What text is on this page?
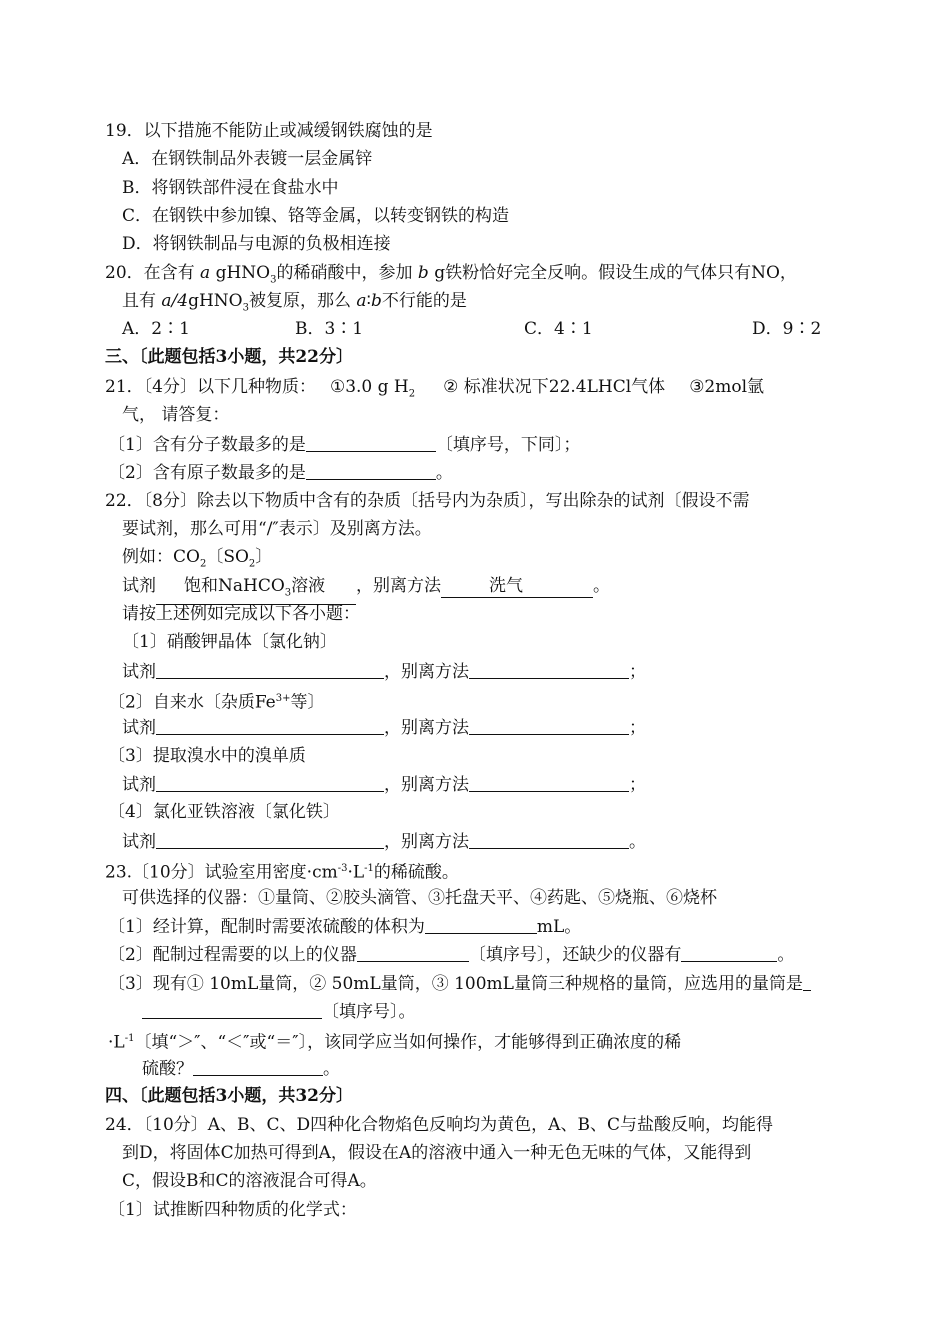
19．以下措施不能防止或减缓钢铁腐蚀的是
A．在钢铁制品外表镀一层金属锌
B．将钢铁部件浸在食盐水中
C．在钢铁中参加镍、铬等金属，以转变钢铁的构造
D．将钢铁制品与电源的负极相连接
20．在含有 a gHNO$_3$的稀硝酸中，参加 b g铁粉恰好完全反响。假设生成的气体只有NO，
且有 a/4gHNO$_3$被复原，那么 a∶b不行能的是
A．2∶1	B．3∶1	C．4∶1	D．9∶2
三、〔此题包括3小题，共22分〕
21．〔4分〕以下几种物质： ①3.0 g $H_2$ ② 标准状况下22.4LHCl气体 ③2mol氩
气， 请答复：
〔1〕含有分子数最多的是	〔填序号，下同〕；
〔2〕含有原子数最多的是	。
22．〔8分〕除去以下物质中含有的杂质〔括号内为杂质〕，写出除杂的试剂〔假设不需
要试剂，那么可用“/″表示〕及别离方法。
例如：$CO_2$〔$SO_2$〕
试剂 饱和NaHCO$_3$溶液 ，别离方法	洗气	。
请按上述例如完成以下各小题：
〔1〕硝酸钾晶体〔氯化钠〕
试剂	，别离方法	；
〔2〕自来水〔杂质$Fe^{3+}$等〕
试剂	，别离方法	；
〔3〕提取溴水中的溴单质
试剂	，别离方法	；
〔4〕氯化亚铁溶液〔氯化铁〕
试剂	，别离方法	。
23.〔10分〕试验室用密度$\cdot cm^{-3}\cdot L^{-1}$的稀硫酸。
可供选择的仪器：①量筒、②胶头滴管、③托盘天平、④药匙、⑤烧瓶、⑥烧杯
〔1〕经计算，配制时需要浓硫酸的体积为	mL。
〔2〕配制过程需要的以上的仪器	〔填序号〕，还缺少的仪器有	。
〔3〕现有① 10mL量筒，② 50mL量筒，③ 100mL量筒三种规格的量筒，应选用的量筒是
〔填序号〕。
$\cdot L^{-1}$〔填“＞″、“＜″或“＝″〕，该同学应当如何操作，才能够得到正确浓度的稀
硫酸？	。
四、〔此题包括3小题，共32分〕
24．〔10分〕A、B、C、D四种化合物焰色反响均为黄色，A、B、C与盐酸反响，均能得
到D，将固体C加热可得到A，假设在A的溶液中通入一种无色无味的气体，又能得到
C，假设B和C的溶液混合可得A。
〔1〕试推断四种物质的化学式：
